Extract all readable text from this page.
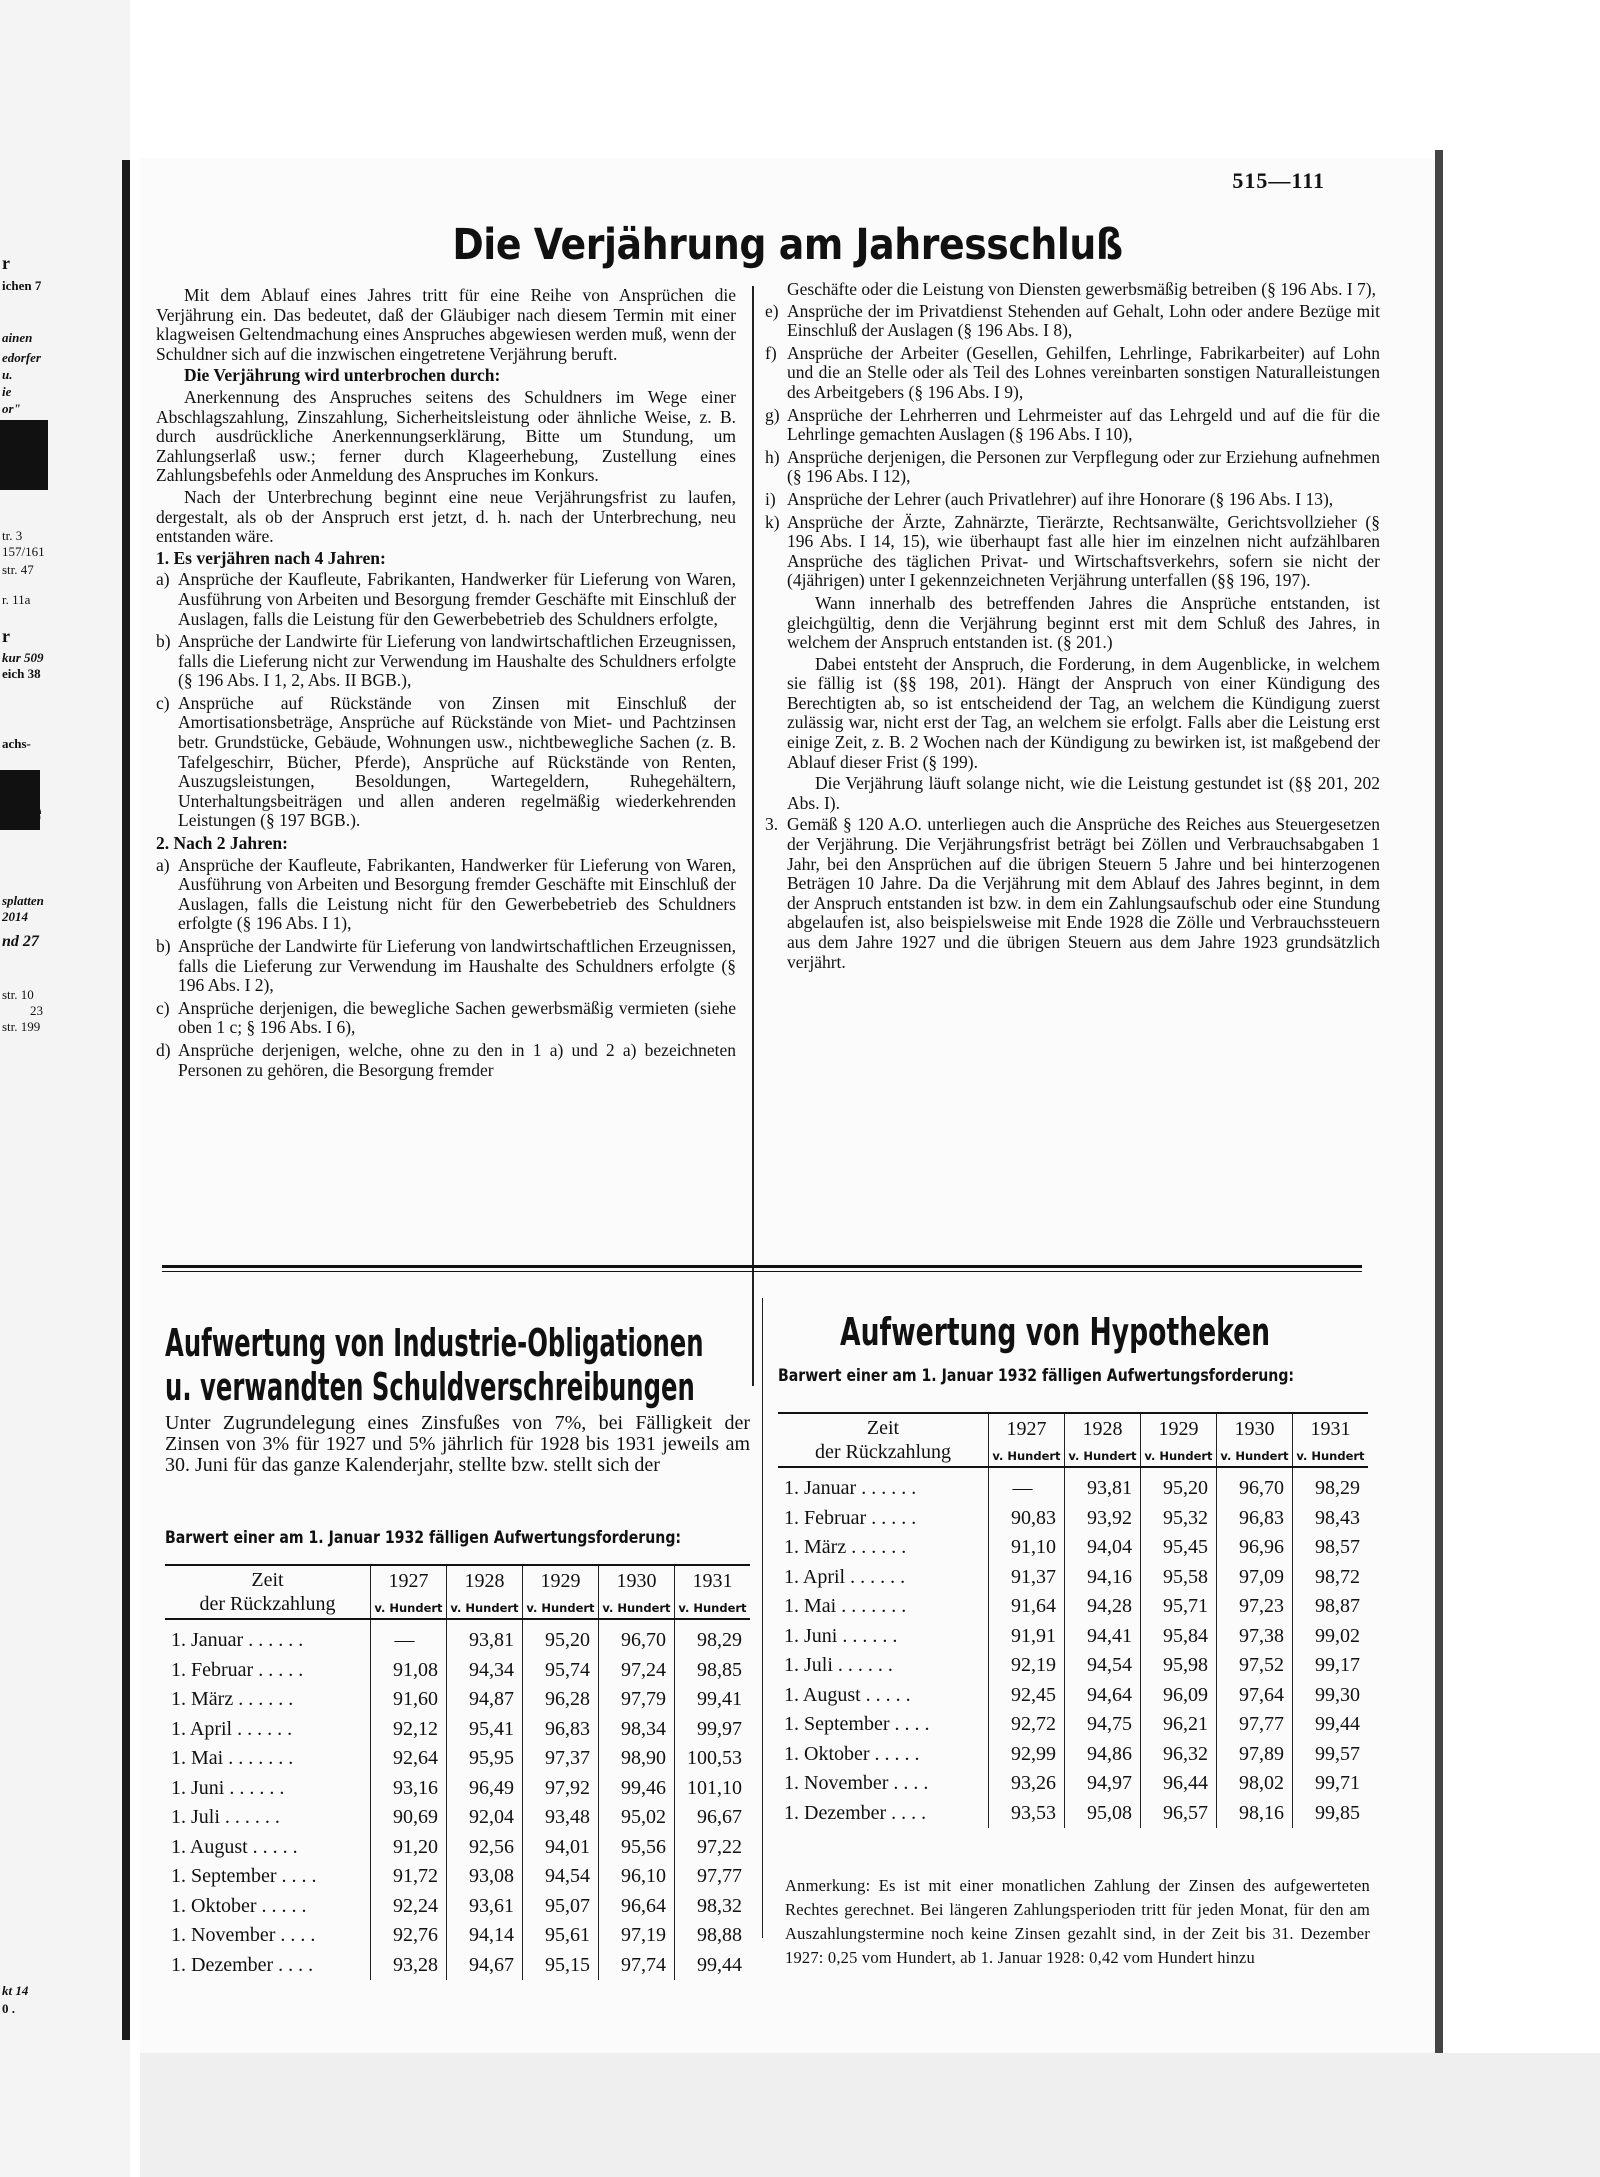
r
ichen 7
ainen
edorfer
u.
ie
or"
tr. 3
157/161
str. 47
r. 11a
r
kur 509
eich 38
achs-
de
splatten
2014
nd 27
str. 10
23
str. 199
kt 14
0 .
515—111
Die Verjährung am Jahresschluß

Mit dem Ablauf eines Jahres tritt für eine Reihe von Ansprüchen die Verjährung ein. Das bedeutet, daß der Gläubiger nach diesem Termin mit einer klagweisen Geltendmachung eines Anspruches abgewiesen werden muß, wenn der Schuldner sich auf die inzwischen eingetretene Verjährung beruft.

Die Verjährung wird unterbrochen durch:

Anerkennung des Anspruches seitens des Schuldners im Wege einer Abschlagszahlung, Zinszahlung, Sicherheitsleistung oder ähnliche Weise, z. B. durch ausdrückliche Anerkennungserklärung, Bitte um Stundung, um Zahlungserlaß usw.; ferner durch Klageerhebung, Zustellung eines Zahlungsbefehls oder Anmeldung des Anspruches im Konkurs.

Nach der Unterbrechung beginnt eine neue Verjährungsfrist zu laufen, dergestalt, als ob der Anspruch erst jetzt, d. h. nach der Unterbrechung, neu entstanden wäre.

1. Es verjähren nach 4 Jahren:

a) Ansprüche der Kaufleute, Fabrikanten, Handwerker für Lieferung von Waren, Ausführung von Arbeiten und Besorgung fremder Geschäfte mit Einschluß der Auslagen, falls die Leistung für den Gewerbebetrieb des Schuldners erfolgte,
b) Ansprüche der Landwirte für Lieferung von landwirtschaftlichen Erzeugnissen, falls die Lieferung nicht zur Verwendung im Haushalte des Schuldners erfolgte (§ 196 Abs. I 1, 2, Abs. II BGB.),
c) Ansprüche auf Rückstände von Zinsen mit Einschluß der Amortisationsbeträge, Ansprüche auf Rückstände von Miet- und Pachtzinsen betr. Grundstücke, Gebäude, Wohnungen usw., nichtbewegliche Sachen (z. B. Tafelgeschirr, Bücher, Pferde), Ansprüche auf Rückstände von Renten, Auszugsleistungen, Besoldungen, Wartegeldern, Ruhegehältern, Unterhaltungsbeiträgen und allen anderen regelmäßig wiederkehrenden Leistungen (§ 197 BGB.).

2. Nach 2 Jahren:

a) Ansprüche der Kaufleute, Fabrikanten, Handwerker für Lieferung von Waren, Ausführung von Arbeiten und Besorgung fremder Geschäfte mit Einschluß der Auslagen, falls die Leistung nicht für den Gewerbebetrieb des Schuldners erfolgte (§ 196 Abs. I 1),
b) Ansprüche der Landwirte für Lieferung von landwirtschaftlichen Erzeugnissen, falls die Lieferung zur Verwendung im Haushalte des Schuldners erfolgte (§ 196 Abs. I 2),
c) Ansprüche derjenigen, die bewegliche Sachen gewerbsmäßig vermieten (siehe oben 1 c; § 196 Abs. I 6),
d) Ansprüche derjenigen, welche, ohne zu den in 1 a) und 2 a) bezeichneten Personen zu gehören, die Besorgung fremder

Geschäfte oder die Leistung von Diensten gewerbsmäßig betreiben (§ 196 Abs. I 7),

e) Ansprüche der im Privatdienst Stehenden auf Gehalt, Lohn oder andere Bezüge mit Einschluß der Auslagen (§ 196 Abs. I 8),
f) Ansprüche der Arbeiter (Gesellen, Gehilfen, Lehrlinge, Fabrikarbeiter) auf Lohn und die an Stelle oder als Teil des Lohnes vereinbarten sonstigen Naturalleistungen des Arbeitgebers (§ 196 Abs. I 9),
g) Ansprüche der Lehrherren und Lehrmeister auf das Lehrgeld und auf die für die Lehrlinge gemachten Auslagen (§ 196 Abs. I 10),
h) Ansprüche derjenigen, die Personen zur Verpflegung oder zur Erziehung aufnehmen (§ 196 Abs. I 12),
i) Ansprüche der Lehrer (auch Privatlehrer) auf ihre Honorare (§ 196 Abs. I 13),
k) Ansprüche der Ärzte, Zahnärzte, Tierärzte, Rechtsanwälte, Gerichtsvollzieher (§ 196 Abs. I 14, 15), wie überhaupt fast alle hier im einzelnen nicht aufzählbaren Ansprüche des täglichen Privat- und Wirtschaftsverkehrs, sofern sie nicht der (4jährigen) unter I gekennzeichneten Verjährung unterfallen (§§ 196, 197).

Wann innerhalb des betreffenden Jahres die Ansprüche entstanden, ist gleichgültig, denn die Verjährung beginnt erst mit dem Schluß des Jahres, in welchem der Anspruch entstanden ist. (§ 201.)

Dabei entsteht der Anspruch, die Forderung, in dem Augenblicke, in welchem sie fällig ist (§§ 198, 201). Hängt der Anspruch von einer Kündigung des Berechtigten ab, so ist entscheidend der Tag, an welchem die Kündigung zuerst zulässig war, nicht erst der Tag, an welchem sie erfolgt. Falls aber die Leistung erst einige Zeit, z. B. 2 Wochen nach der Kündigung zu bewirken ist, ist maßgebend der Ablauf dieser Frist (§ 199).

Die Verjährung läuft solange nicht, wie die Leistung gestundet ist (§§ 201, 202 Abs. I).

3. Gemäß § 120 A.O. unterliegen auch die Ansprüche des Reiches aus Steuergesetzen der Verjährung. Die Verjährungsfrist beträgt bei Zöllen und Verbrauchsabgaben 1 Jahr, bei den Ansprüchen auf die übrigen Steuern 5 Jahre und bei hinterzogenen Beträgen 10 Jahre. Da die Verjährung mit dem Ablauf des Jahres beginnt, in dem der Anspruch entstanden ist bzw. in dem ein Zahlungsaufschub oder eine Stundung abgelaufen ist, also beispielsweise mit Ende 1928 die Zölle und Verbrauchssteuern aus dem Jahre 1927 und die übrigen Steuern aus dem Jahre 1923 grundsätzlich verjährt.
Aufwertung von Industrie-Obligationen
u. verwandten Schuldverschreibungen
Unter Zugrundelegung eines Zinsfußes von 7%, bei Fälligkeit der Zinsen von 3% für 1927 und 5% jährlich für 1928 bis 1931 jeweils am 30. Juni für das ganze Kalenderjahr, stellte bzw. stellt sich der
Barwert einer am 1. Januar 1932 fälligen Aufwertungsforderung:
Zeit
der Rückzahlung	1927	1928	1929	1930	1931
	v. Hundert	v. Hundert	v. Hundert	v. Hundert	v. Hundert
1. Januar . . . . . .	—	93,81	95,20	96,70	98,29
1. Februar . . . . .	91,08	94,34	95,74	97,24	98,85
1. März . . . . . .	91,60	94,87	96,28	97,79	99,41
1. April . . . . . .	92,12	95,41	96,83	98,34	99,97
1. Mai . . . . . . .	92,64	95,95	97,37	98,90	100,53
1. Juni . . . . . .	93,16	96,49	97,92	99,46	101,10
1. Juli . . . . . .	90,69	92,04	93,48	95,02	96,67
1. August . . . . .	91,20	92,56	94,01	95,56	97,22
1. September . . . .	91,72	93,08	94,54	96,10	97,77
1. Oktober . . . . .	92,24	93,61	95,07	96,64	98,32
1. November . . . .	92,76	94,14	95,61	97,19	98,88
1. Dezember . . . .	93,28	94,67	95,15	97,74	99,44
Aufwertung von Hypotheken
Barwert einer am 1. Januar 1932 fälligen Aufwertungsforderung:
Zeit
der Rückzahlung	1927	1928	1929	1930	1931
	v. Hundert	v. Hundert	v. Hundert	v. Hundert	v. Hundert
1. Januar . . . . . .	—	93,81	95,20	96,70	98,29
1. Februar . . . . .	90,83	93,92	95,32	96,83	98,43
1. März . . . . . .	91,10	94,04	95,45	96,96	98,57
1. April . . . . . .	91,37	94,16	95,58	97,09	98,72
1. Mai . . . . . . .	91,64	94,28	95,71	97,23	98,87
1. Juni . . . . . .	91,91	94,41	95,84	97,38	99,02
1. Juli . . . . . .	92,19	94,54	95,98	97,52	99,17
1. August . . . . .	92,45	94,64	96,09	97,64	99,30
1. September . . . .	92,72	94,75	96,21	97,77	99,44
1. Oktober . . . . .	92,99	94,86	96,32	97,89	99,57
1. November . . . .	93,26	94,97	96,44	98,02	99,71
1. Dezember . . . .	93,53	95,08	96,57	98,16	99,85
Anmerkung: Es ist mit einer monatlichen Zahlung der Zinsen des aufgewerteten Rechtes gerechnet. Bei längeren Zahlungsperioden tritt für jeden Monat, für den am Auszahlungstermine noch keine Zinsen gezahlt sind, in der Zeit bis 31. Dezember 1927: 0,25 vom Hundert, ab 1. Januar 1928: 0,42 vom Hundert hinzu
